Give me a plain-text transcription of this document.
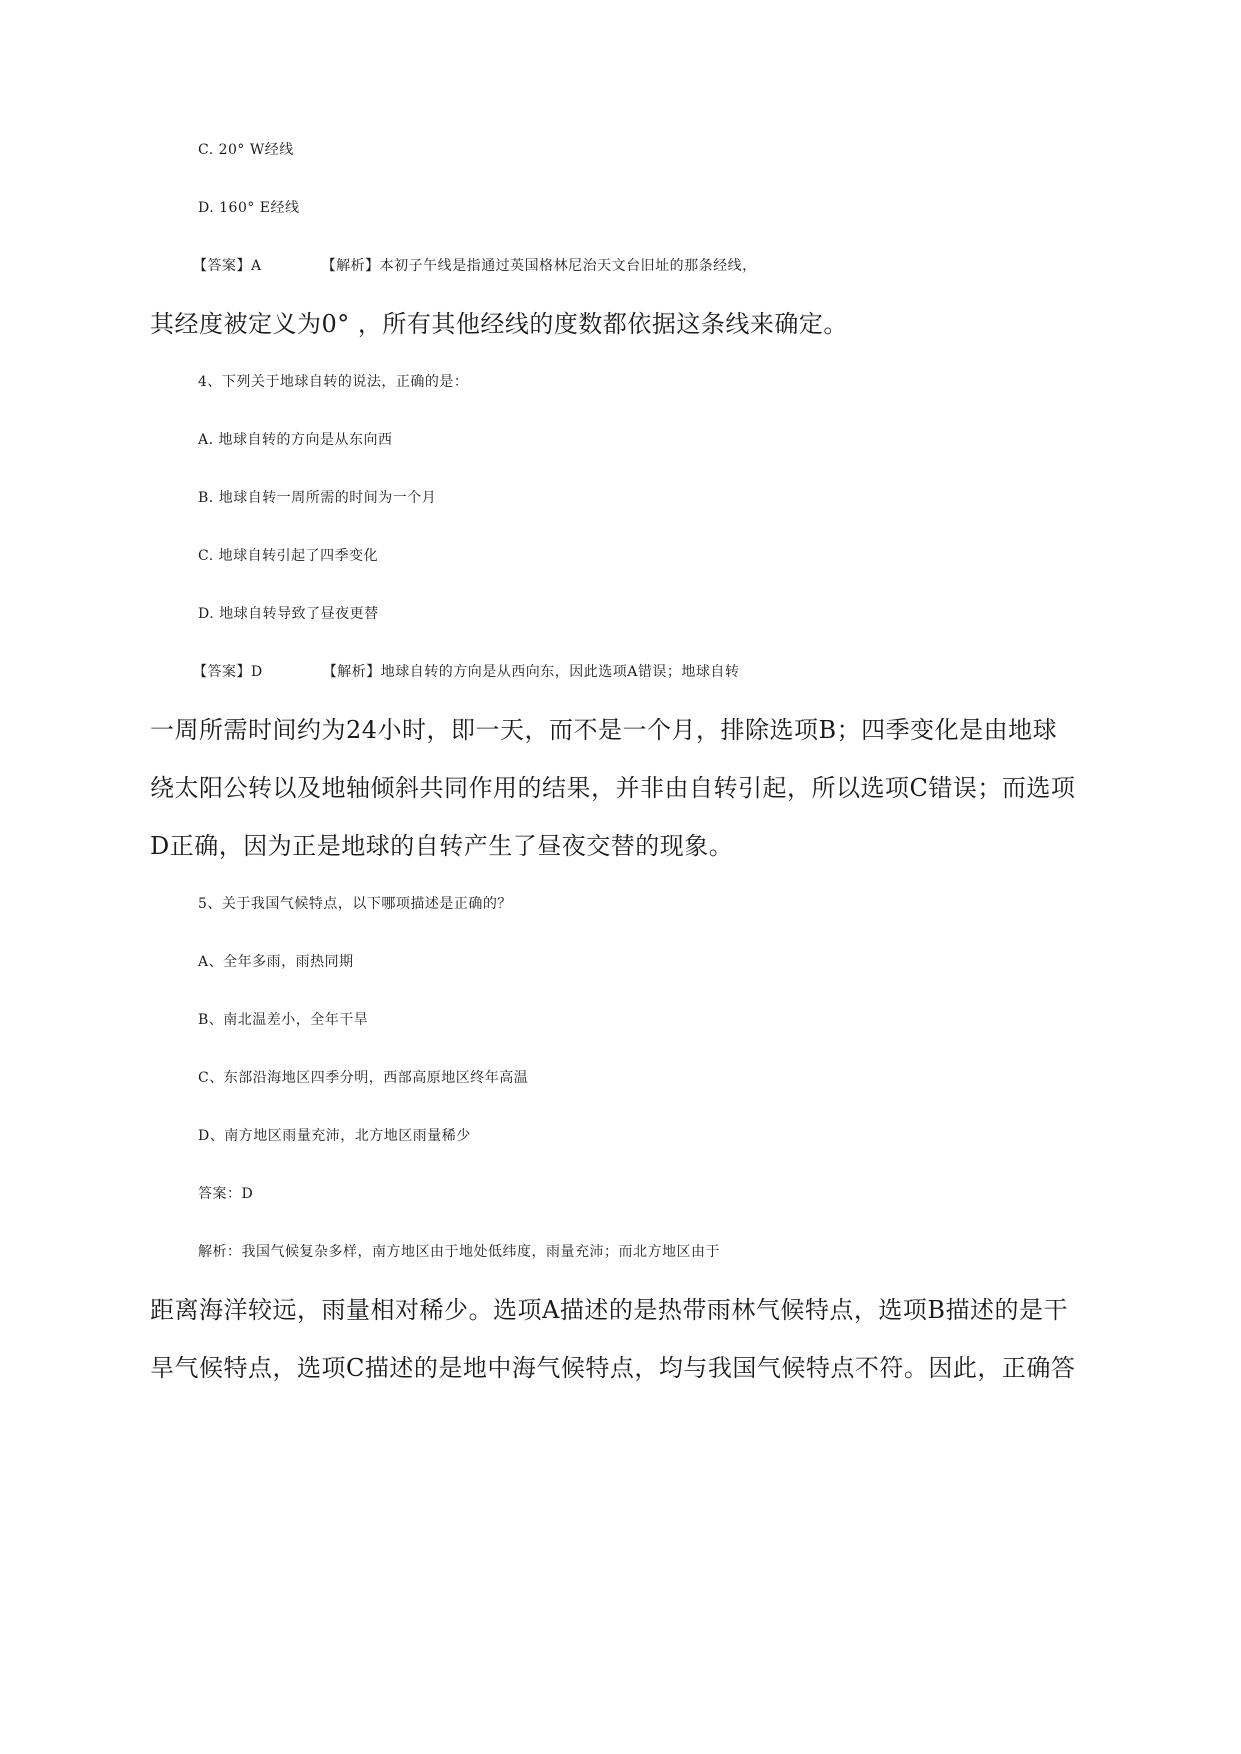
C. 20° W经线
D. 160° E经线
【答案】A	【解析】本初子午线是指通过英国格林尼治天文台旧址的那条经线，
其经度被定义为0° ，所有其他经线的度数都依据这条线来确定。
4、下列关于地球自转的说法，正确的是：
A. 地球自转的方向是从东向西
B. 地球自转一周所需的时间为一个月
C. 地球自转引起了四季变化
D. 地球自转导致了昼夜更替
【答案】D	【解析】地球自转的方向是从西向东，因此选项A错误；地球自转
一周所需时间约为24小时，即一天，而不是一个月，排除选项B；四季变化是由地球
绕太阳公转以及地轴倾斜共同作用的结果，并非由自转引起，所以选项C错误；而选项
D正确，因为正是地球的自转产生了昼夜交替的现象。
5、关于我国气候特点，以下哪项描述是正确的？
A、全年多雨，雨热同期
B、南北温差小，全年干旱
C、东部沿海地区四季分明，西部高原地区终年高温
D、南方地区雨量充沛，北方地区雨量稀少
答案：D
解析：我国气候复杂多样，南方地区由于地处低纬度，雨量充沛；而北方地区由于
距离海洋较远，雨量相对稀少。选项A描述的是热带雨林气候特点，选项B描述的是干
旱气候特点，选项C描述的是地中海气候特点，均与我国气候特点不符。因此，正确答
